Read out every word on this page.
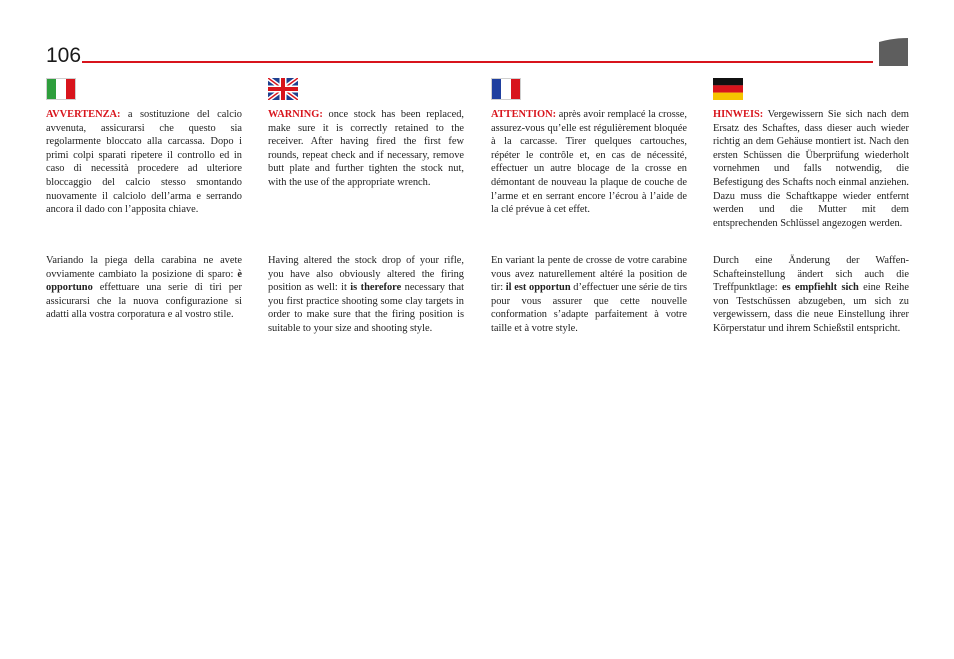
106

AVVERTENZA: a sostituzione del calcio avvenuta, assicurarsi che questo sia regolarmente bloccato alla carcassa. Dopo i primi colpi sparati ripetere il controllo ed in caso di necessità procedere ad ulteriore bloccaggio del calcio stesso smontando nuovamente il calciolo dell’arma e serrando ancora il dado con l’apposita chiave.

Variando la piega della carabina ne avete ovviamente cambiato la posizione di sparo: è opportuno effettuare una serie di tiri per assicurarsi che la nuova configurazione si adatti alla vostra corporatura e al vostro stile.

WARNING: once stock has been replaced, make sure it is correctly retained to the receiver. After having fired the first few rounds, repeat check and if necessary, remove butt plate and further tighten the stock nut, with the use of the appropriate wrench.

Having altered the stock drop of your rifle, you have also obviously altered the firing position as well: it is therefore necessary that you first practice shooting some clay targets in order to make sure that the firing position is suitable to your size and shooting style.

ATTENTION: après avoir remplacé la crosse, assurez-vous qu’elle est régulièrement bloquée à la carcasse. Tirer quelques cartouches, répéter le contrôle et, en cas de nécessité, effectuer un autre blocage de la crosse en démontant de nouveau la plaque de couche de l’arme et en serrant encore l’écrou à l’aide de la clé prévue à cet effet.

En variant la pente de crosse de votre carabine vous avez naturellement altéré la position de tir: il est opportun d’effectuer une série de tirs pour vous assurer que cette nouvelle conformation s’adapte parfaitement à votre taille et à votre style.

HINWEIS: Vergewissern Sie sich nach dem Ersatz des Schaftes, dass dieser auch wieder richtig an dem Gehäuse montiert ist. Nach den ersten Schüssen die Überprüfung wiederholt vornehmen und falls notwendig, die Befestigung des Schafts noch einmal anziehen. Dazu muss die Schaftkappe wieder entfernt werden und die Mutter mit dem entsprechenden Schlüssel angezogen werden.

Durch eine Änderung der Waffen-Schafteinstellung ändert sich auch die Treffpunktlage: es empfiehlt sich eine Reihe von Testschüssen abzugeben, um sich zu vergewissern, dass die neue Einstellung ihrer Körperstatur und ihrem Schießstil entspricht.
